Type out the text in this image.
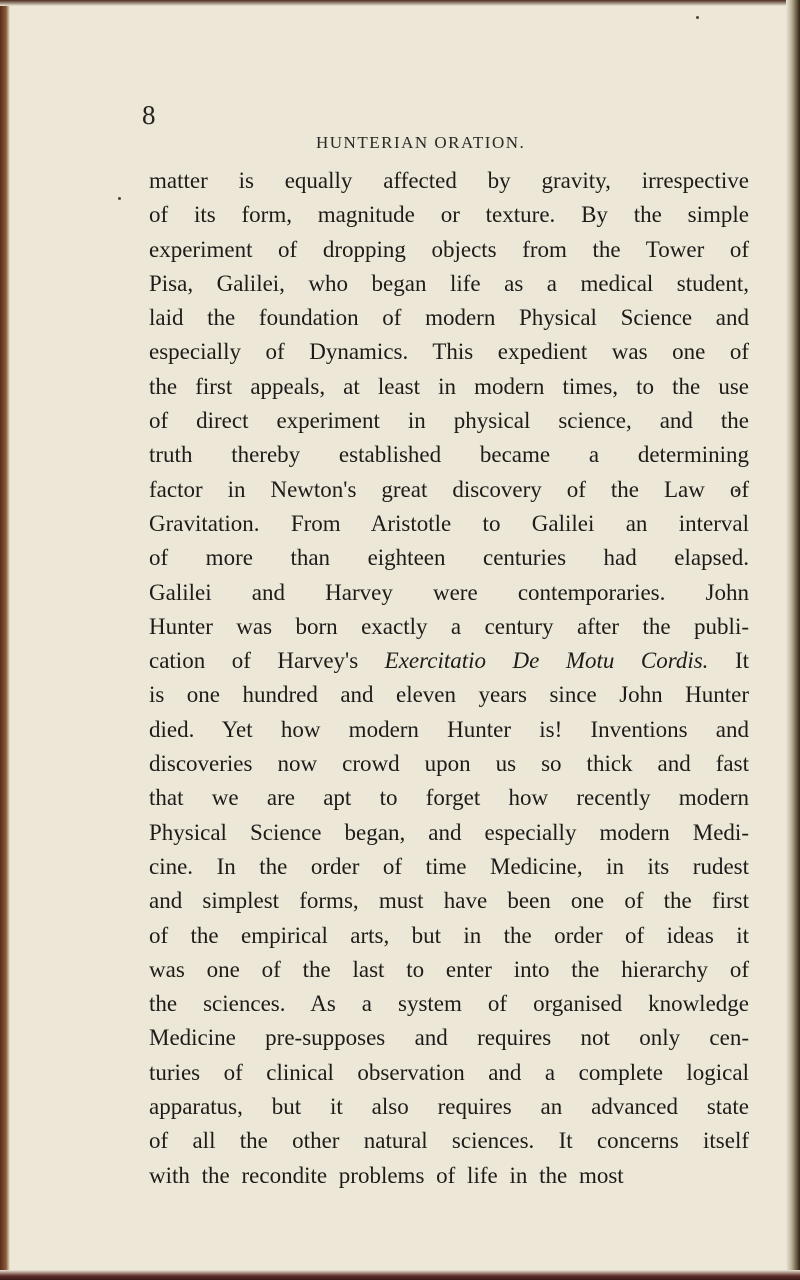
8
HUNTERIAN ORATION.
matter is equally affected by gravity, irrespective
of its form, magnitude or texture. By the simple
experiment of dropping objects from the Tower of
Pisa, Galilei, who began life as a medical student,
laid the foundation of modern Physical Science and
especially of Dynamics. This expedient was one of
the first appeals, at least in modern times, to the use
of direct experiment in physical science, and the
truth thereby established became a determining
factor in Newton's great discovery of the Law of
Gravitation. From Aristotle to Galilei an interval
of more than eighteen centuries had elapsed.
Galilei and Harvey were contemporaries. John
Hunter was born exactly a century after the publi-
cation of Harvey's Exercitatio De Motu Cordis. It
is one hundred and eleven years since John Hunter
died. Yet how modern Hunter is! Inventions and
discoveries now crowd upon us so thick and fast
that we are apt to forget how recently modern
Physical Science began, and especially modern Medi-
cine. In the order of time Medicine, in its rudest
and simplest forms, must have been one of the first
of the empirical arts, but in the order of ideas it
was one of the last to enter into the hierarchy of
the sciences. As a system of organised knowledge
Medicine pre-supposes and requires not only cen-
turies of clinical observation and a complete logical
apparatus, but it also requires an advanced state
of all the other natural sciences. It concerns itself
with the recondite problems of life in the most
